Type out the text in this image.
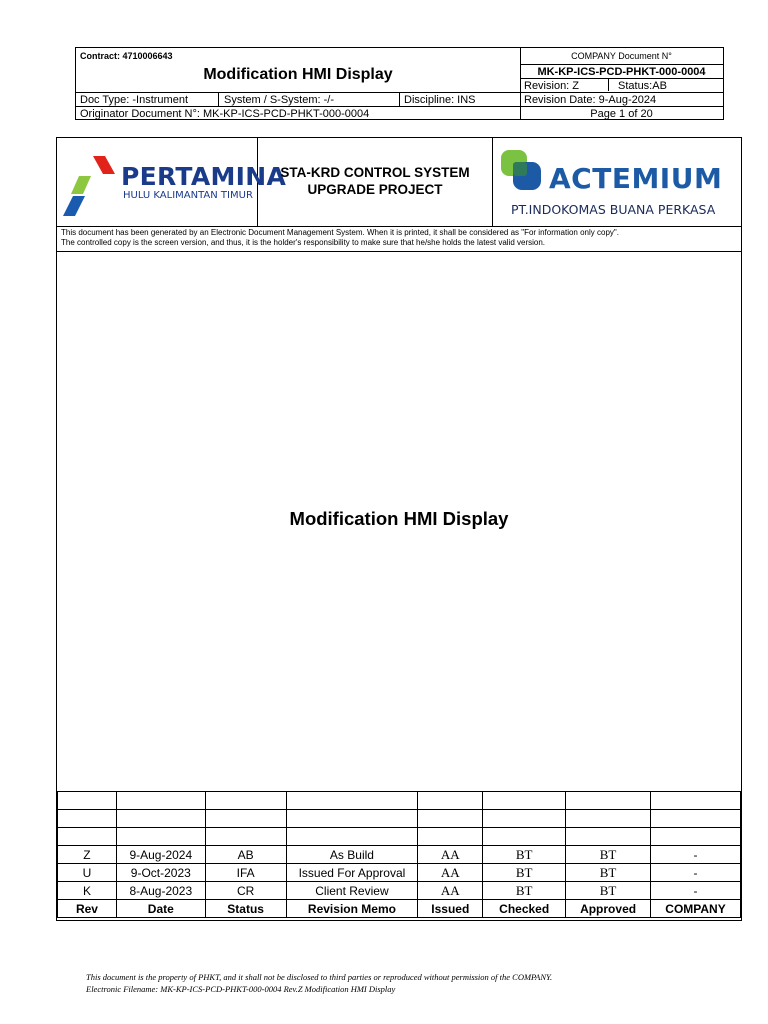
Contract: 4710006643
Modification HMI Display
COMPANY Document N°
MK-KP-ICS-PCD-PHKT-000-0004
Revision: Z	Status:AB
Doc Type: -Instrument	System / S-System: -/-	Discipline: INS	Revision Date: 9-Aug-2024
Originator Document N°: MK-KP-ICS-PCD-PHKT-000-0004	Page 1 of 20
PERTAMINA
HULU KALIMANTAN TIMUR
STA-KRD CONTROL SYSTEM
UPGRADE PROJECT	ACTEMIUM
PT.INDOKOMAS BUANA PERKASA
This document has been generated by an Electronic Document Management System. When it is printed, it shall be considered as "For information only copy".
The controlled copy is the screen version, and thus, it is the holder's responsibility to make sure that he/she holds the latest valid version.
Modification HMI Display

Z	9-Aug-2024	AB	As Build	AA	BT	BT	-
U	9-Oct-2023	IFA	Issued For Approval	AA	BT	BT	-
K	8-Aug-2023	CR	Client Review	AA	BT	BT	-
Rev	Date	Status	Revision Memo	Issued	Checked	Approved	COMPANY
This document is the property of PHKT, and it shall not be disclosed to third parties or reproduced without permission of the COMPANY.
Electronic Filename: MK-KP-ICS-PCD-PHKT-000-0004 Rev.Z Modification HMI Display
